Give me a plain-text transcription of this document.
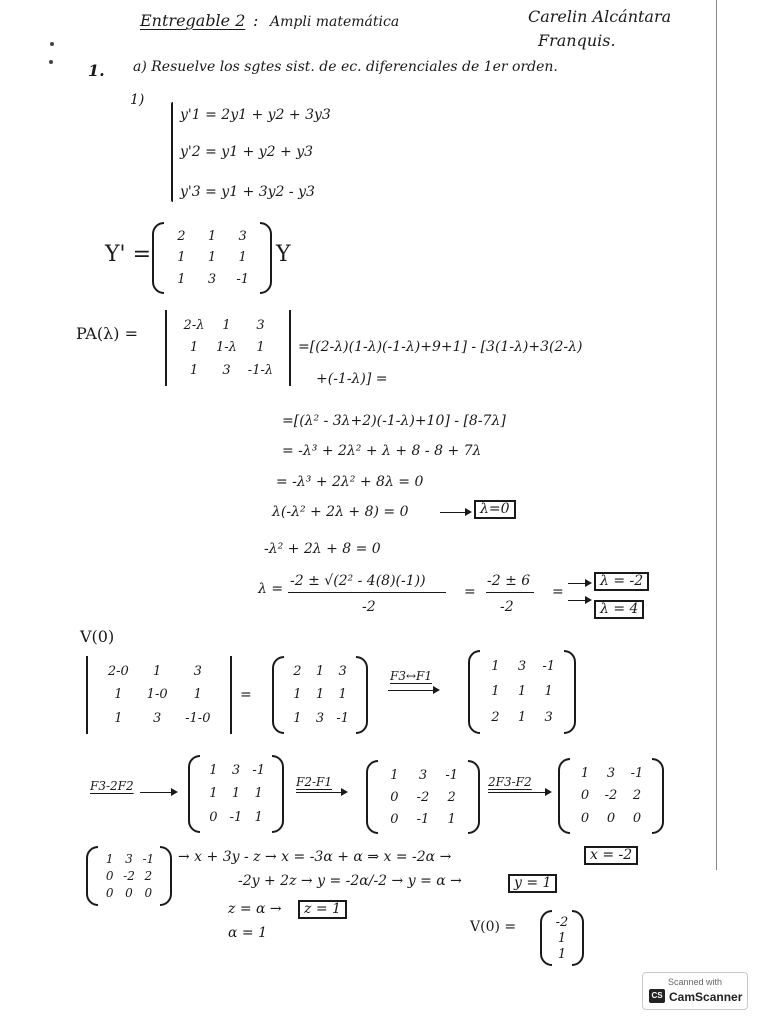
Entregable 2 : Ampli matemática	Carelin Alcántara
Franquis.
1. a) Resuelve los sgtes sist. de ec. diferenciales de 1er orden.
1)
y'1 = 2y1 + y2 + 3y3
y'2 = y1 + y2 + y3
y'3 = y1 + 3y2 - y3
Y' =
2 1 3
1 1 1
1 3 -1
Y
PA(λ) =	2-λ 1 3
1 1-λ 1
1 3 -1-λ
=[(2-λ)(1-λ)(-1-λ)+9+1] - [3(1-λ)+3(2-λ)
+(-1-λ)] =
=[(λ² - 3λ+2)(-1-λ)+10] - [8-7λ]
= -λ³ + 2λ² + λ + 8 - 8 + 7λ
= -λ³ + 2λ² + 8λ = 0
λ(-λ² + 2λ + 8) = 0	λ=0
-λ² + 2λ + 8 = 0
λ = -2 ± √(2² - 4(8)(-1))
-2
=
-2 ± 6
-2
=
λ = -2
λ = 4
V(0)
2-0 1 3
1 1-0 1
1 3 -1-0
=
2 1 3
1 1 1
1 3 -1
F3↔F1
1 3 -1
1 1 1
2 1 3
F3-2F2
1 3 -1
1 1 1
0 -1 1
F2-F1	1 3 -1
0 -2 2
0 -1 1
2F3-F2
1 3 -1
0 -2 2
0 0 0
1 3 -1
0 -2 2
0 0 0
→ x + 3y - z → x = -3α + α ⇒ x = -2α →	x = -2
-2y + 2z → y = -2α/-2 → y = α →	y = 1
z = α →	z = 1
α = 1	V(0) =	-2
1
1
Scanned with
CS CamScanner
